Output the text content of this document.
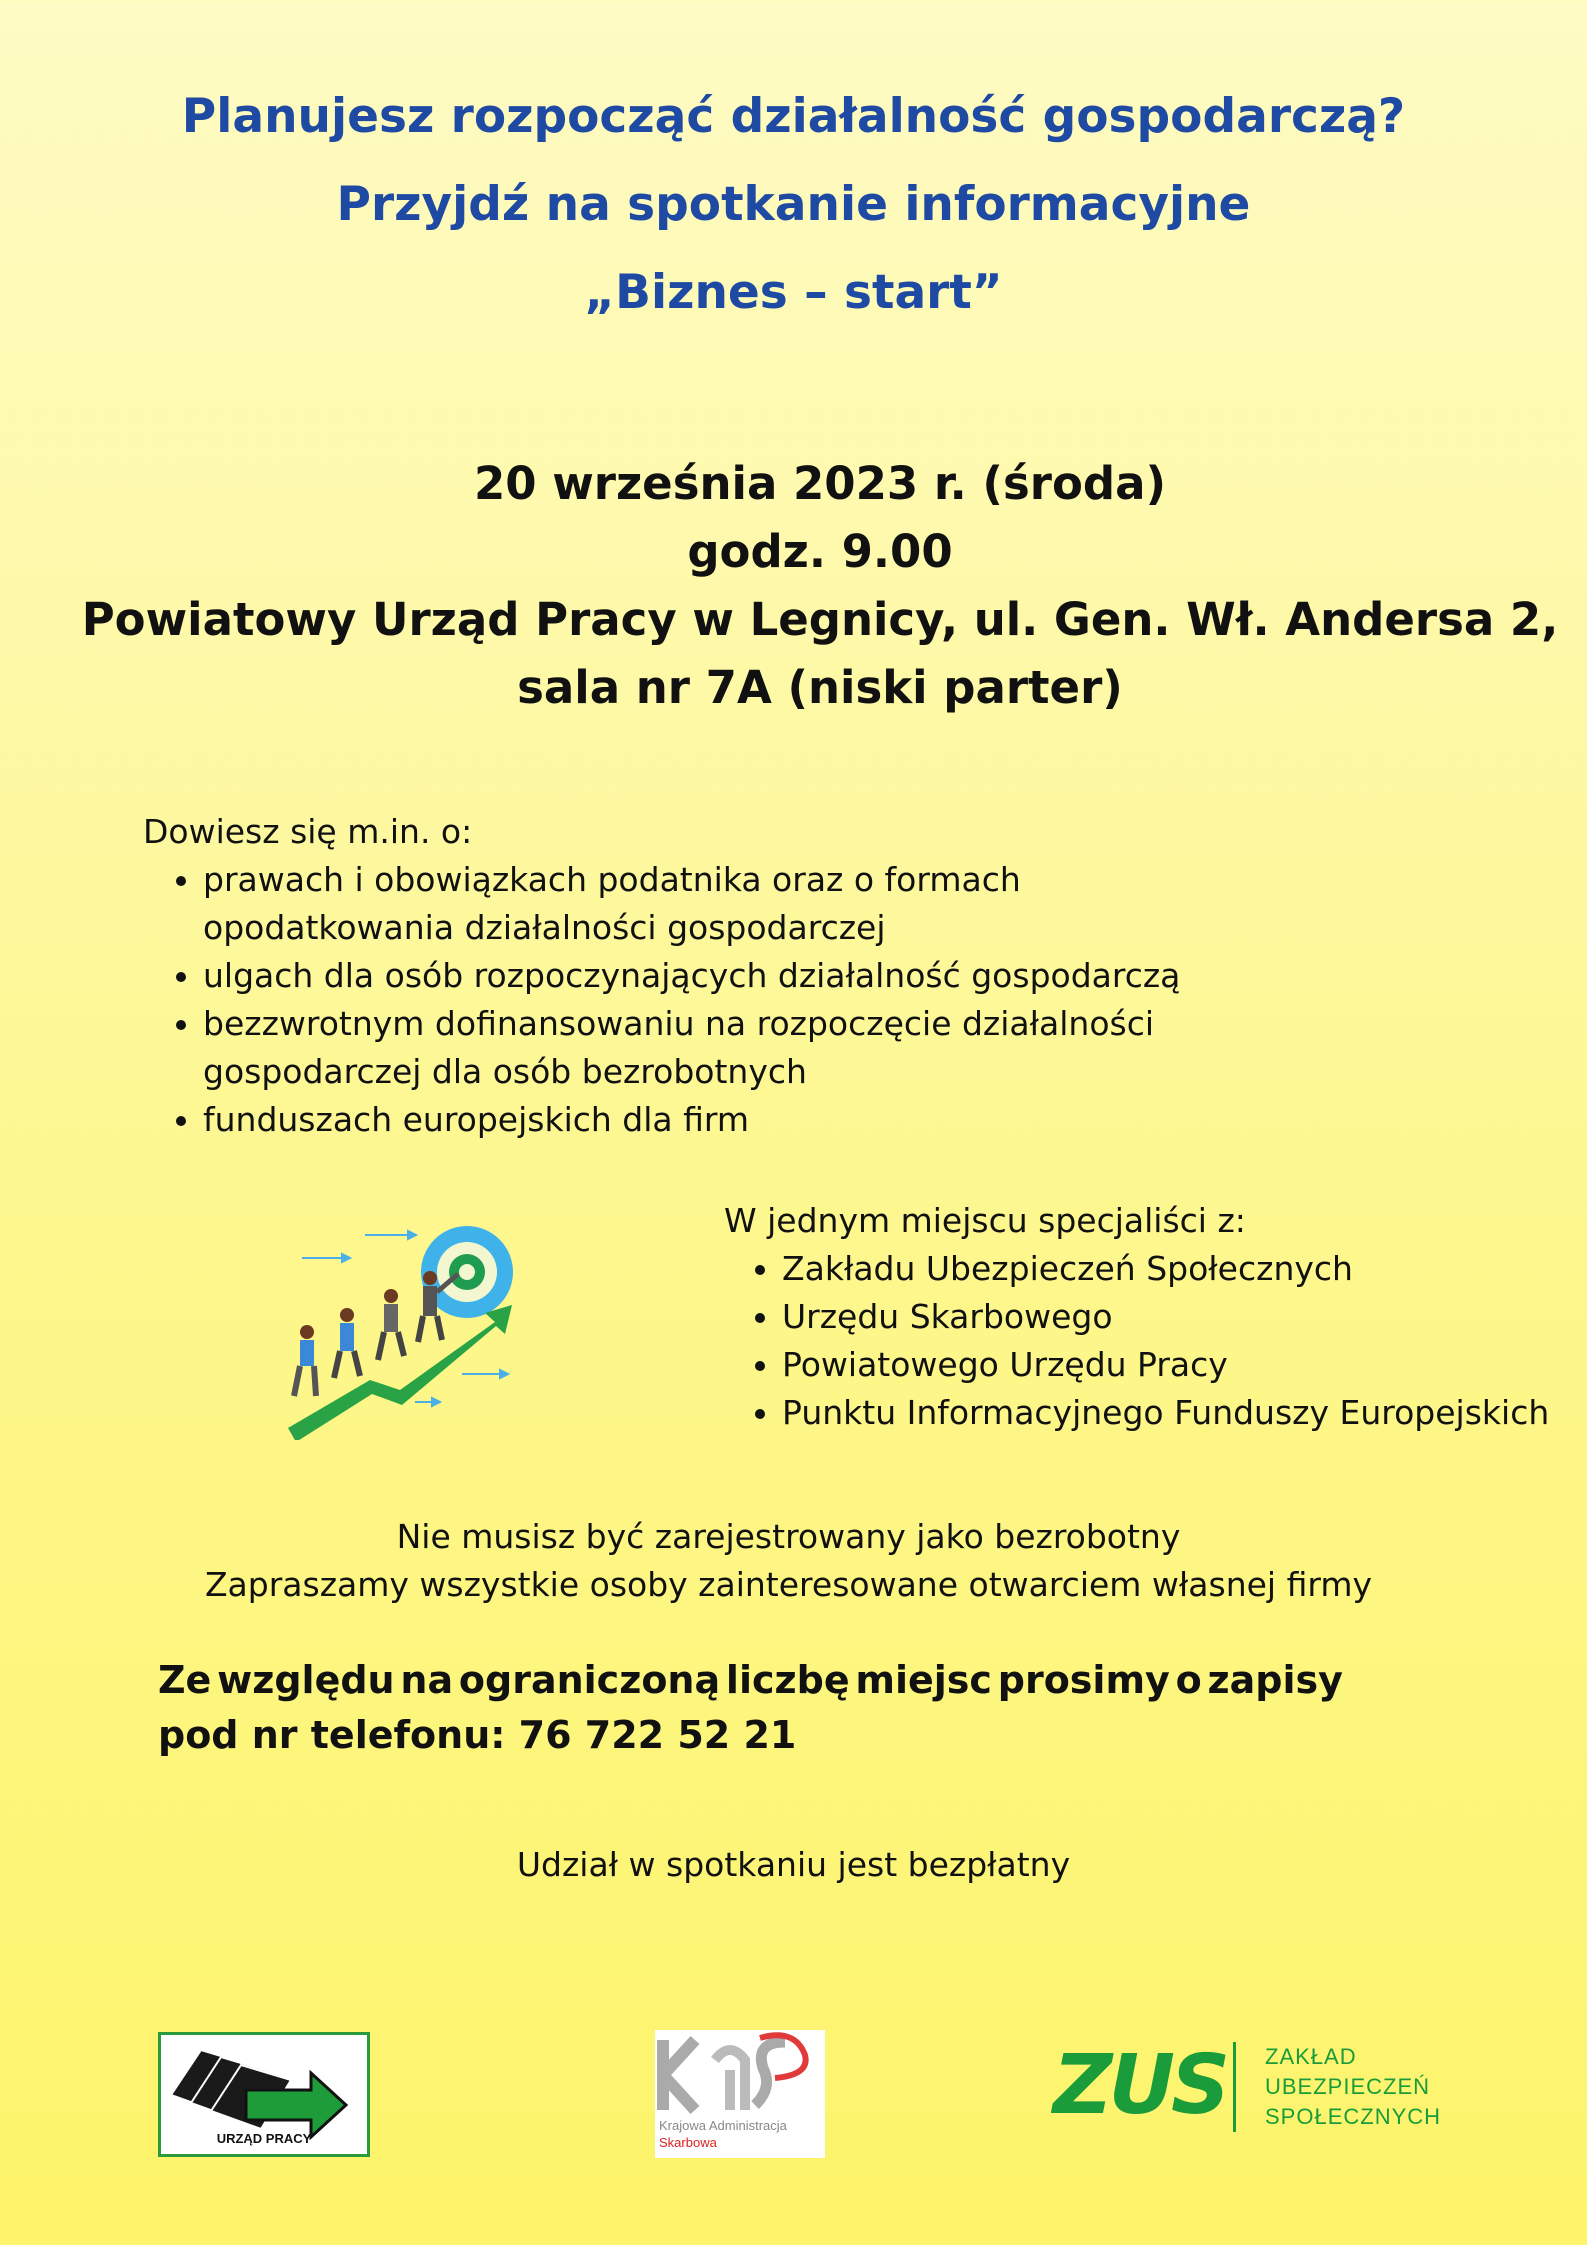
Planujesz rozpocząć działalność gospodarczą?
Przyjdź na spotkanie informacyjne
„Biznes – start”
20 września 2023 r. (środa)
godz. 9.00
Powiatowy Urząd Pracy w Legnicy, ul. Gen. Wł. Andersa 2,
sala nr 7A (niski parter)
Dowiesz się m.in. o:
• prawach i obowiązkach podatnika oraz o formach opodatkowania działalności gospodarczej
• ulgach dla osób rozpoczynających działalność gospodarczą
• bezzwrotnym dofinansowaniu na rozpoczęcie działalności gospodarczej dla osób bezrobotnych
• funduszach europejskich dla firm
W jednym miejscu specjaliści z:
• Zakładu Ubezpieczeń Społecznych
• Urzędu Skarbowego
• Powiatowego Urzędu Pracy
• Punktu Informacyjnego Funduszy Europejskich
Nie musisz być zarejestrowany jako bezrobotny
Zapraszamy wszystkie osoby zainteresowane otwarciem własnej firmy
Ze względu na ograniczoną liczbę miejsc prosimy o zapisy
pod nr telefonu: 76 722 52 21
Udział w spotkaniu jest bezpłatny
URZĄD PRACY
Krajowa Administracja
Skarbowa
ZUS ZAKŁAD
UBEZPIECZEŃ
SPOŁECZNYCH
